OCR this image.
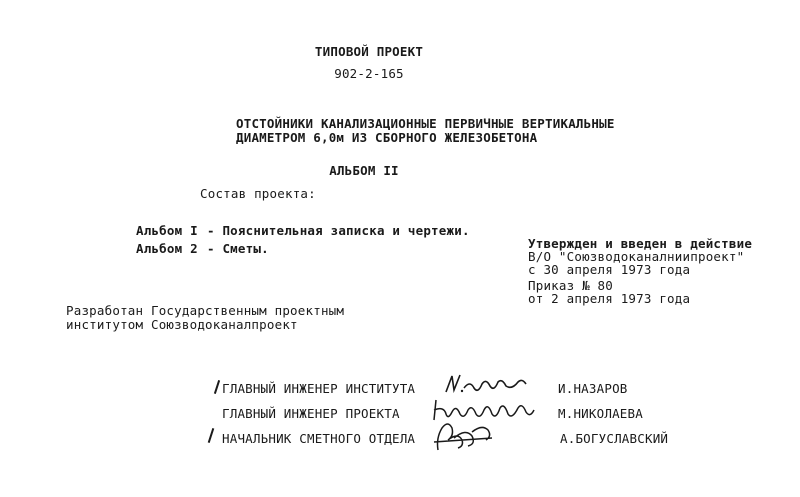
ТИПОВОЙ ПРОЕКТ
902-2-165
ОТСТОЙНИКИ КАНАЛИЗАЦИОННЫЕ ПЕРВИЧНЫЕ ВЕРТИКАЛЬНЫЕ
ДИАМЕТРОМ 6,0м ИЗ СБОРНОГО ЖЕЛЕЗОБЕТОНА
АЛЬБОМ II
Состав проекта:
Альбом I - Пояснительная записка и чертежи.
Альбом 2 - Сметы.	Утвержден и введен в действие
В/О "Союзводоканалниипроект"
с 30 апреля 1973 года
Приказ № 80
от 2 апреля 1973 года
Разработан Государственным проектным
институтом Союзводоканалпроект
ГЛАВНЫЙ ИНЖЕНЕР ИНСТИТУТА	И.НАЗАРОВ
ГЛАВНЫЙ ИНЖЕНЕР ПРОЕКТА	М.НИКОЛАЕВА
НАЧАЛЬНИК СМЕТНОГО ОТДЕЛА	А.БОГУСЛАВСКИЙ
